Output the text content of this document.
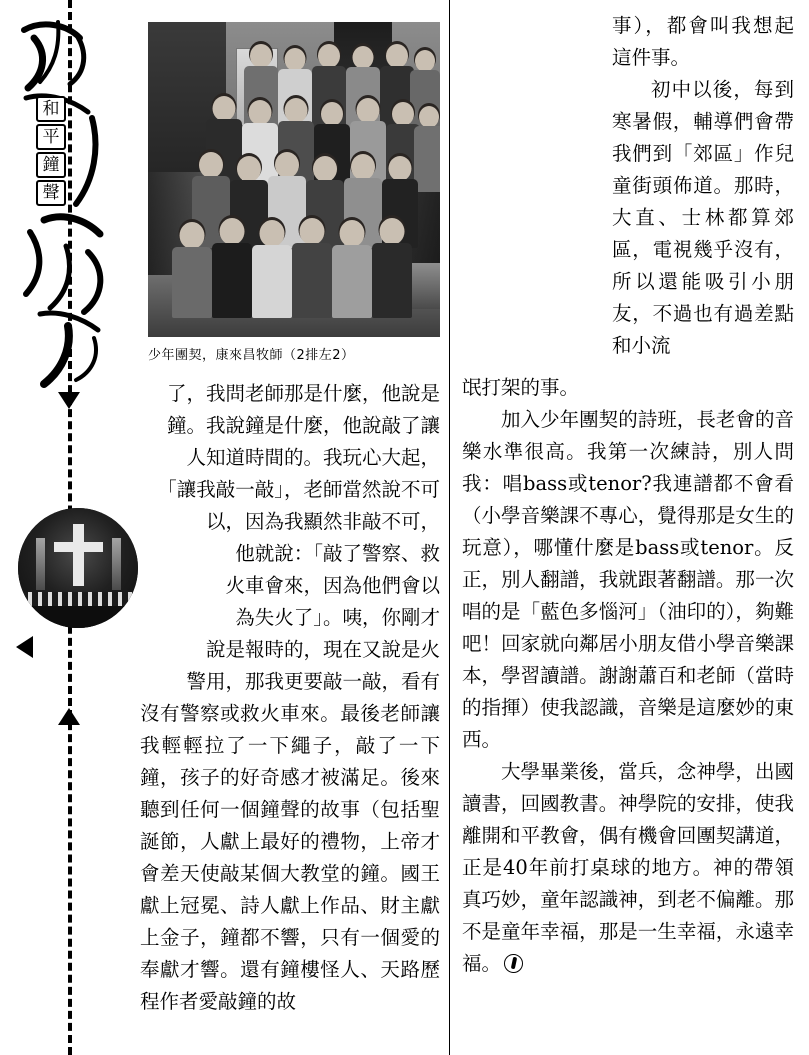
和
平
鐘
聲
少年團契，康來昌牧師（2排左2）

了，我問老師那是什麼，他說是

鐘。我說鐘是什麼，他說敲了讓

人知道時間的。我玩心大起，

「讓我敲一敲」，老師當然說不可

以，因為我顯然非敲不可，

他就說：「敲了警察、救

火車會來，因為他們會以

為失火了」。咦，你剛才

說是報時的，現在又說是火

警用，那我更要敲一敲，看有

沒有警察或救火車來。最後老師讓我輕輕拉了一下繩子，敲了一下鐘，孩子的好奇感才被滿足。後來聽到任何一個鐘聲的故事（包括聖誕節，人獻上最好的禮物，上帝才會差天使敲某個大教堂的鐘。國王獻上冠冕、詩人獻上作品、財主獻上金子，鐘都不響，只有一個愛的奉獻才響。還有鐘樓怪人、天路歷程作者愛敲鐘的故

事），都會叫我想起這件事。

初中以後，每到寒暑假，輔導們會帶我們到「郊區」作兒童街頭佈道。那時，大直、士林都算郊區，電視幾乎沒有，所以還能吸引小朋友，不過也有過差點和小流

氓打架的事。

加入少年團契的詩班，長老會的音樂水準很高。我第一次練詩，別人問我：唱bass或tenor?我連譜都不會看（小學音樂課不專心，覺得那是女生的玩意），哪懂什麼是bass或tenor。反正，別人翻譜，我就跟著翻譜。那一次唱的是「藍色多惱河」（油印的），夠難吧！回家就向鄰居小朋友借小學音樂課本，學習讀譜。謝謝蕭百和老師（當時的指揮）使我認識，音樂是這麼妙的東西。

大學畢業後，當兵，念神學，出國讀書，回國教書。神學院的安排，使我離開和平教會，偶有機會回團契講道，正是40年前打桌球的地方。神的帶領真巧妙，童年認識神，到老不偏離。那不是童年幸福，那是一生幸福，永遠幸福。
